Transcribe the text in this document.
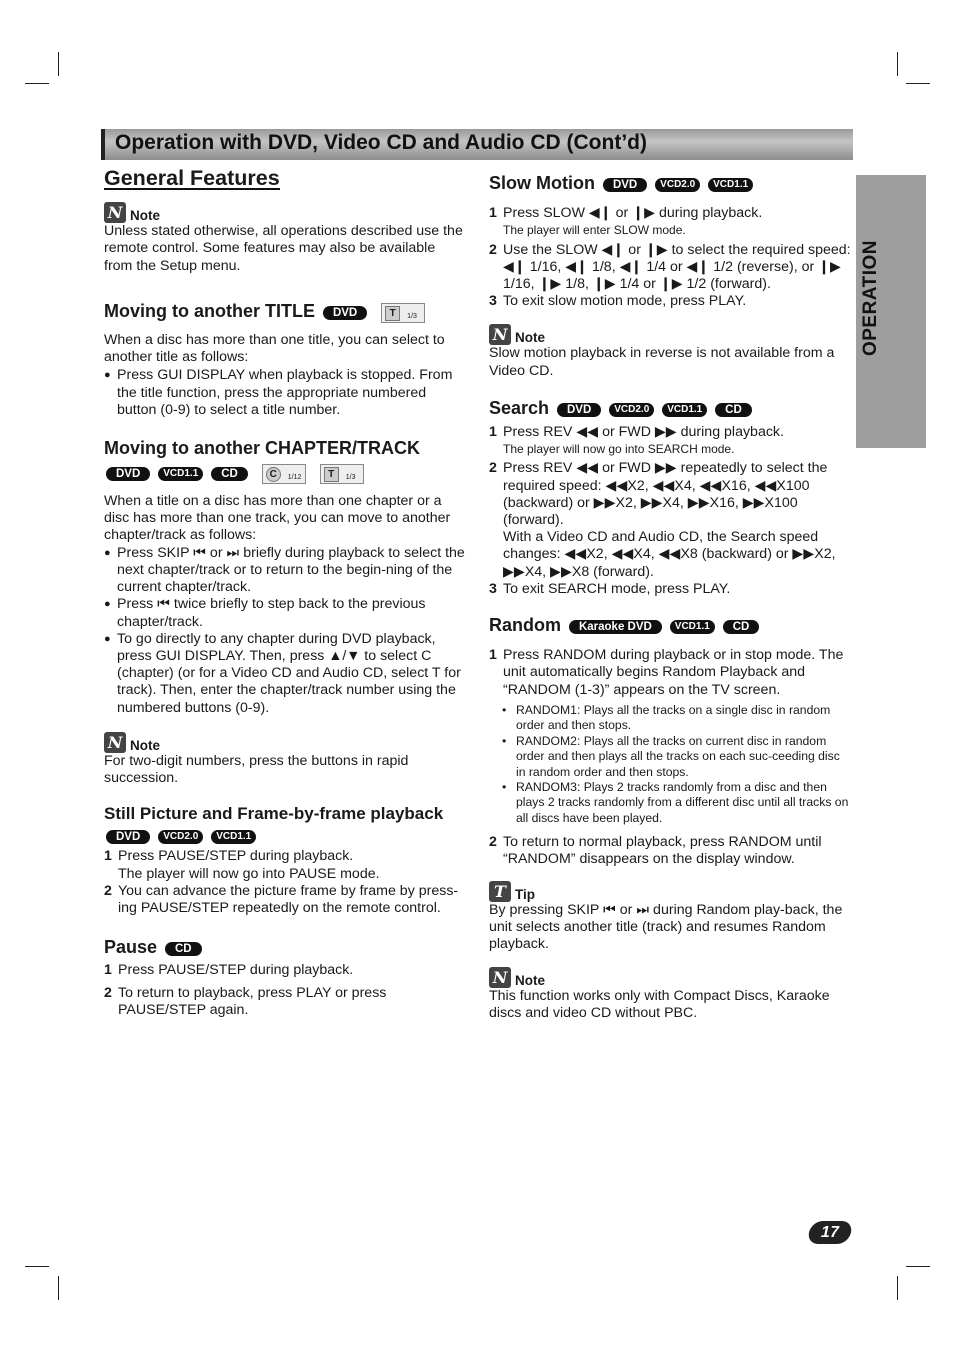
Operation with DVD, Video CD and Audio CD (Cont’d)
OPERATION
General Features
N Note

Unless stated otherwise, all operations described use the remote control. Some features may also be available from the Setup menu.

Moving to another TITLE DVD	T	1/3

When a disc has more than one title, you can select to another title as follows:

● Press GUI DISPLAY when playback is stopped. From the title function, press the appropriate numbered button (0-9) to select a title number.
Moving to another CHAPTER/TRACK
DVD VCD1.1 CD	C	1/12
	T	1/3

When a title on a disc has more than one chapter or a disc has more than one track, you can move to another chapter/track as follows:

● Press SKIP ⏮ or ⏭ briefly during playback to select the next chapter/track or to return to the begin-ning of the current chapter/track.
● Press ⏮ twice briefly to step back to the previous chapter/track.
● To go directly to any chapter during DVD playback, press GUI DISPLAY. Then, press ▲/▼ to select C (chapter) (or for a Video CD and Audio CD, select T for track). Then, enter the chapter/track number using the numbered buttons (0-9).
N Note

For two-digit numbers, press the buttons in rapid succession.

Still Picture and Frame-by-frame playback
DVD VCD2.0 VCD1.1
1 Press PAUSE/STEP during playback.
The player will now go into PAUSE mode.
2 You can advance the picture frame by frame by press-ing PAUSE/STEP repeatedly on the remote control.
Pause CD
1 Press PAUSE/STEP during playback.
2 To return to playback, press PLAY or press PAUSE/STEP again.
Slow Motion DVD VCD2.0 VCD1.1
1 Press SLOW ◀❙ or ❙▶ during playback.
The player will enter SLOW mode.
2 Use the SLOW ◀❙ or ❙▶ to select the required speed: ◀❙ 1/16, ◀❙ 1/8, ◀❙ 1/4 or ◀❙ 1/2 (reverse), or ❙▶ 1/16, ❙▶ 1/8, ❙▶ 1/4 or ❙▶ 1/2 (forward).
3 To exit slow motion mode, press PLAY.
N Note

Slow motion playback in reverse is not available from a Video CD.

Search DVD VCD2.0 VCD1.1 CD
1 Press REV ◀◀ or FWD ▶▶ during playback.
The player will now go into SEARCH mode.
2 Press REV ◀◀ or FWD ▶▶ repeatedly to select the required speed: ◀◀X2, ◀◀X4, ◀◀X16, ◀◀X100 (backward) or ▶▶X2, ▶▶X4, ▶▶X16, ▶▶X100 (forward).
With a Video CD and Audio CD, the Search speed changes: ◀◀X2, ◀◀X4, ◀◀X8 (backward) or ▶▶X2, ▶▶X4, ▶▶X8 (forward).
3 To exit SEARCH mode, press PLAY.
Random Karaoke DVD VCD1.1 CD
1 Press RANDOM during playback or in stop mode. The unit automatically begins Random Playback and “RANDOM (1-3)” appears on the TV screen.
• RANDOM1: Plays all the tracks on a single disc in random order and then stops.
• RANDOM2: Plays all the tracks on current disc in random order and then plays all the tracks on each suc-ceeding disc in random order and then stops.
• RANDOM3: Plays 2 tracks randomly from a disc and then plays 2 tracks randomly from a different disc until all tracks on all discs have been played.
2 To return to normal playback, press RANDOM until “RANDOM” disappears on the display window.
T Tip

By pressing SKIP ⏮ or ⏭ during Random play-back, the unit selects another title (track) and resumes Random playback.

N Note

This function works only with Compact Discs, Karaoke discs and video CD without PBC.

17
